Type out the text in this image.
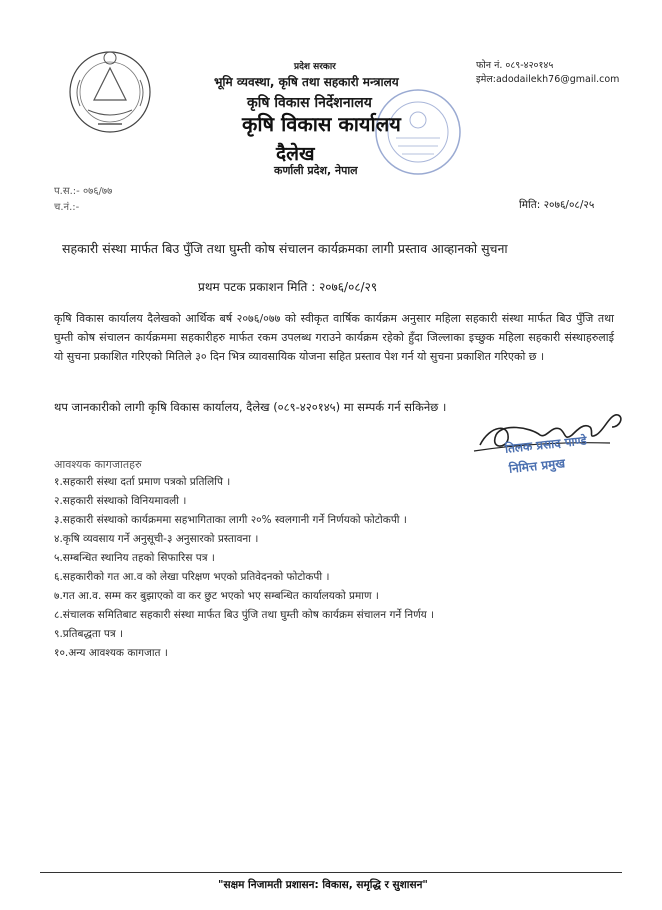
प्रदेश सरकार
भूमि व्यवस्था, कृषि तथा सहकारी मन्त्रालय
कृषि विकास निर्देशनालय
कृषि विकास कार्यालय
दैलेख
कर्णाली प्रदेश, नेपाल
फोन नं. ०८९-४२०१४५
इमेल:adodailekh76@gmail.com
प.स.:- ०७६/७७
च.नं.:-	मिति: २०७६/०८/२५
सहकारी संस्था मार्फत बिउ पुँजि तथा घुम्ती कोष संचालन कार्यक्रमका लागी प्रस्ताव आव्हानको सुचना
प्रथम पटक प्रकाशन मिति : २०७६/०८/२९
कृषि विकास कार्यालय दैलेखको आर्थिक बर्ष २०७६/०७७ को स्वीकृत वार्षिक कार्यक्रम अनुसार महिला सहकारी संस्था मार्फत बिउ पुँजि तथा घुम्ती कोष संचालन कार्यक्रममा सहकारीहरु मार्फत रकम उपलब्ध गराउने कार्यक्रम रहेको हुँदा जिल्लाका इच्छुक महिला सहकारी संस्थाहरुलाई यो सुचना प्रकाशित गरिएको मितिले ३० दिन भित्र व्यावसायिक योजना सहित प्रस्ताव पेश गर्न यो सुचना प्रकाशित गरिएको छ ।
थप जानकारीको लागी कृषि विकास कार्यालय, दैलेख (०८९-४२०१४५) मा सम्पर्क गर्न सकिनेछ ।
तिलक प्रसाद पाण्डे
निमित्त प्रमुख
आवश्यक कागजातहरु
१.सहकारी संस्था दर्ता प्रमाण पत्रको प्रतिलिपि ।
२.सहकारी संस्थाको विनियमावली ।
३.सहकारी संस्थाको कार्यक्रममा सहभागिताका लागी २०% स्वलगानी गर्ने निर्णयको फोटोकपी ।
४.कृषि व्यवसाय गर्ने अनुसूची-३ अनुसारको प्रस्तावना ।
५.सम्बन्धित स्थानिय तहको सिफारिस पत्र ।
६.सहकारीको गत आ.व को लेखा परिक्षण भएको प्रतिवेदनको फोटोकपी ।
७.गत आ.व. सम्म कर बुझाएको वा कर छुट भएको भए सम्बन्धित कार्यालयको प्रमाण ।
८.संचालक समितिबाट सहकारी संस्था मार्फत बिउ पुंजि तथा घुम्ती कोष कार्यक्रम संचालन गर्ने निर्णय ।
९.प्रतिबद्धता पत्र ।
१०.अन्य आवश्यक कागजात ।
"सक्षम निजामती प्रशासन: विकास, समृद्धि र सुशासन"
